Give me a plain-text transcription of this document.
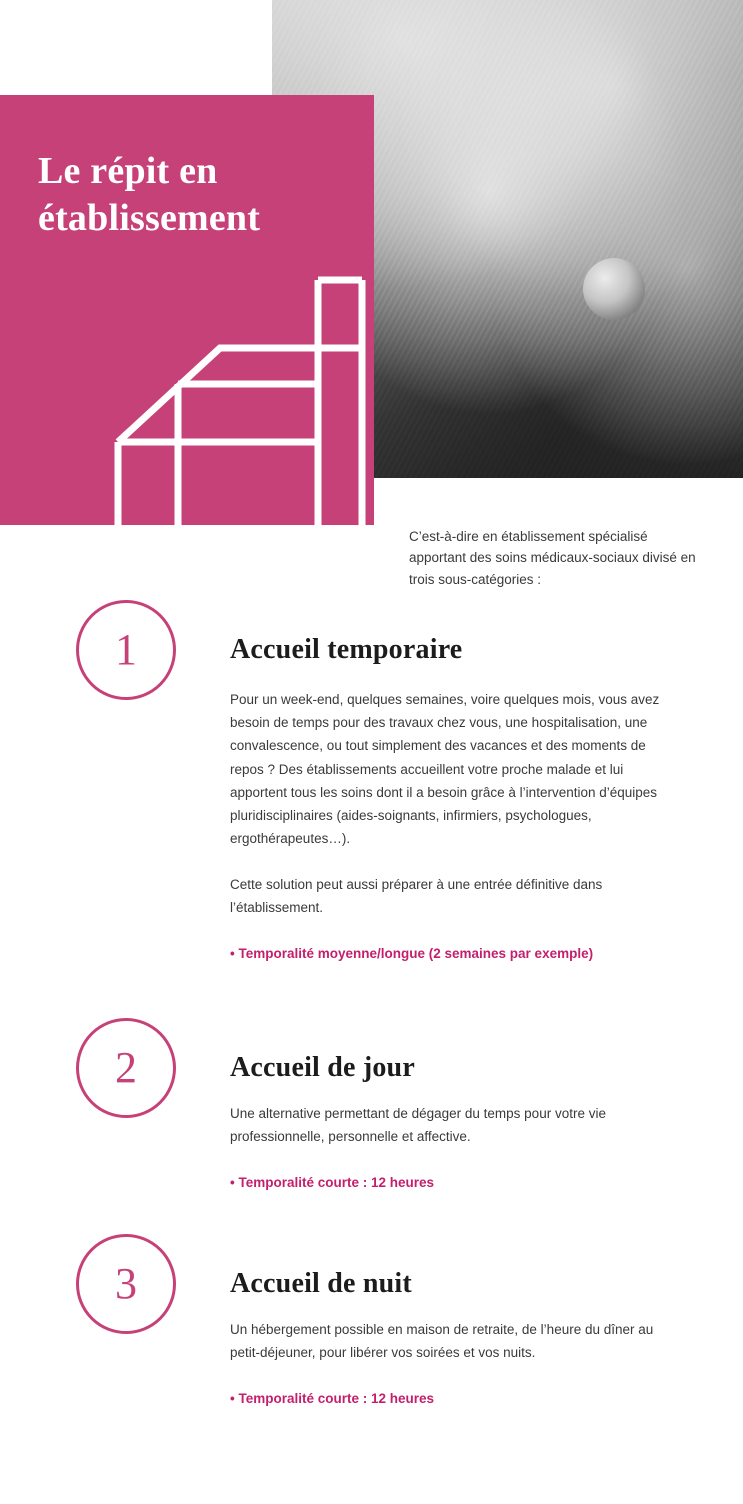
Le répit en établissement

C’est-à-dire en établissement spécialisé apportant des soins médicaux-sociaux divisé en trois sous-catégories :

1	Accueil temporaire

Pour un week-end, quelques semaines, voire quelques mois, vous avez besoin de temps pour des travaux chez vous, une hospitalisation, une convalescence, ou tout simplement des vacances et des moments de repos ? Des établissements accueillent votre proche malade et lui apportent tous les soins dont il a besoin grâce à l’intervention d’équipes pluridisciplinaires (aides-soignants, infirmiers, psychologues, ergothérapeutes…).

Cette solution peut aussi préparer à une entrée définitive dans l’établissement.

• Temporalité moyenne/longue (2 semaines par exemple)

2	Accueil de jour

Une alternative permettant de dégager du temps pour votre vie professionnelle, personnelle et affective.

• Temporalité courte : 12 heures

3	Accueil de nuit

Un hébergement possible en maison de retraite, de l’heure du dîner au petit-déjeuner, pour libérer vos soirées et vos nuits.

• Temporalité courte : 12 heures
